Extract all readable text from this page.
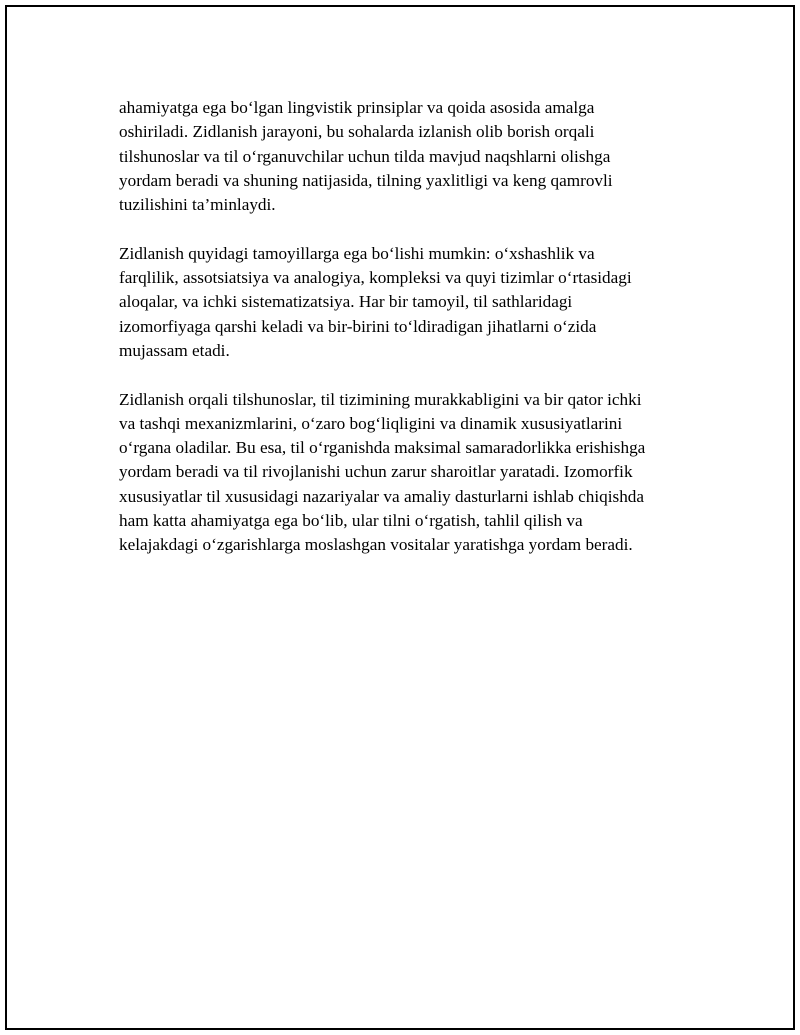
ahamiyatga ega bo‘lgan lingvistik prinsiplar va qoida asosida amalga
oshiriladi. Zidlanish jarayoni, bu sohalarda izlanish olib borish orqali
tilshunoslar va til o‘rganuvchilar uchun tilda mavjud naqshlarni olishga
yordam beradi va shuning natijasida, tilning yaxlitligi va keng qamrovli
tuzilishini ta’minlaydi.

Zidlanish quyidagi tamoyillarga ega bo‘lishi mumkin: o‘xshashlik va
farqlilik, assotsiatsiya va analogiya, kompleksi va quyi tizimlar o‘rtasidagi
aloqalar, va ichki sistematizatsiya. Har bir tamoyil, til sathlaridagi
izomorfiyaga qarshi keladi va bir-birini to‘ldiradigan jihatlarni o‘zida
mujassam etadi.

Zidlanish orqali tilshunoslar, til tizimining murakkabligini va bir qator ichki
va tashqi mexanizmlarini, o‘zaro bog‘liqligini va dinamik xususiyatlarini
o‘rgana oladilar. Bu esa, til o‘rganishda maksimal samaradorlikka erishishga
yordam beradi va til rivojlanishi uchun zarur sharoitlar yaratadi. Izomorfik
xususiyatlar til xususidagi nazariyalar va amaliy dasturlarni ishlab chiqishda
ham katta ahamiyatga ega bo‘lib, ular tilni o‘rgatish, tahlil qilish va
kelajakdagi o‘zgarishlarga moslashgan vositalar yaratishga yordam beradi.
